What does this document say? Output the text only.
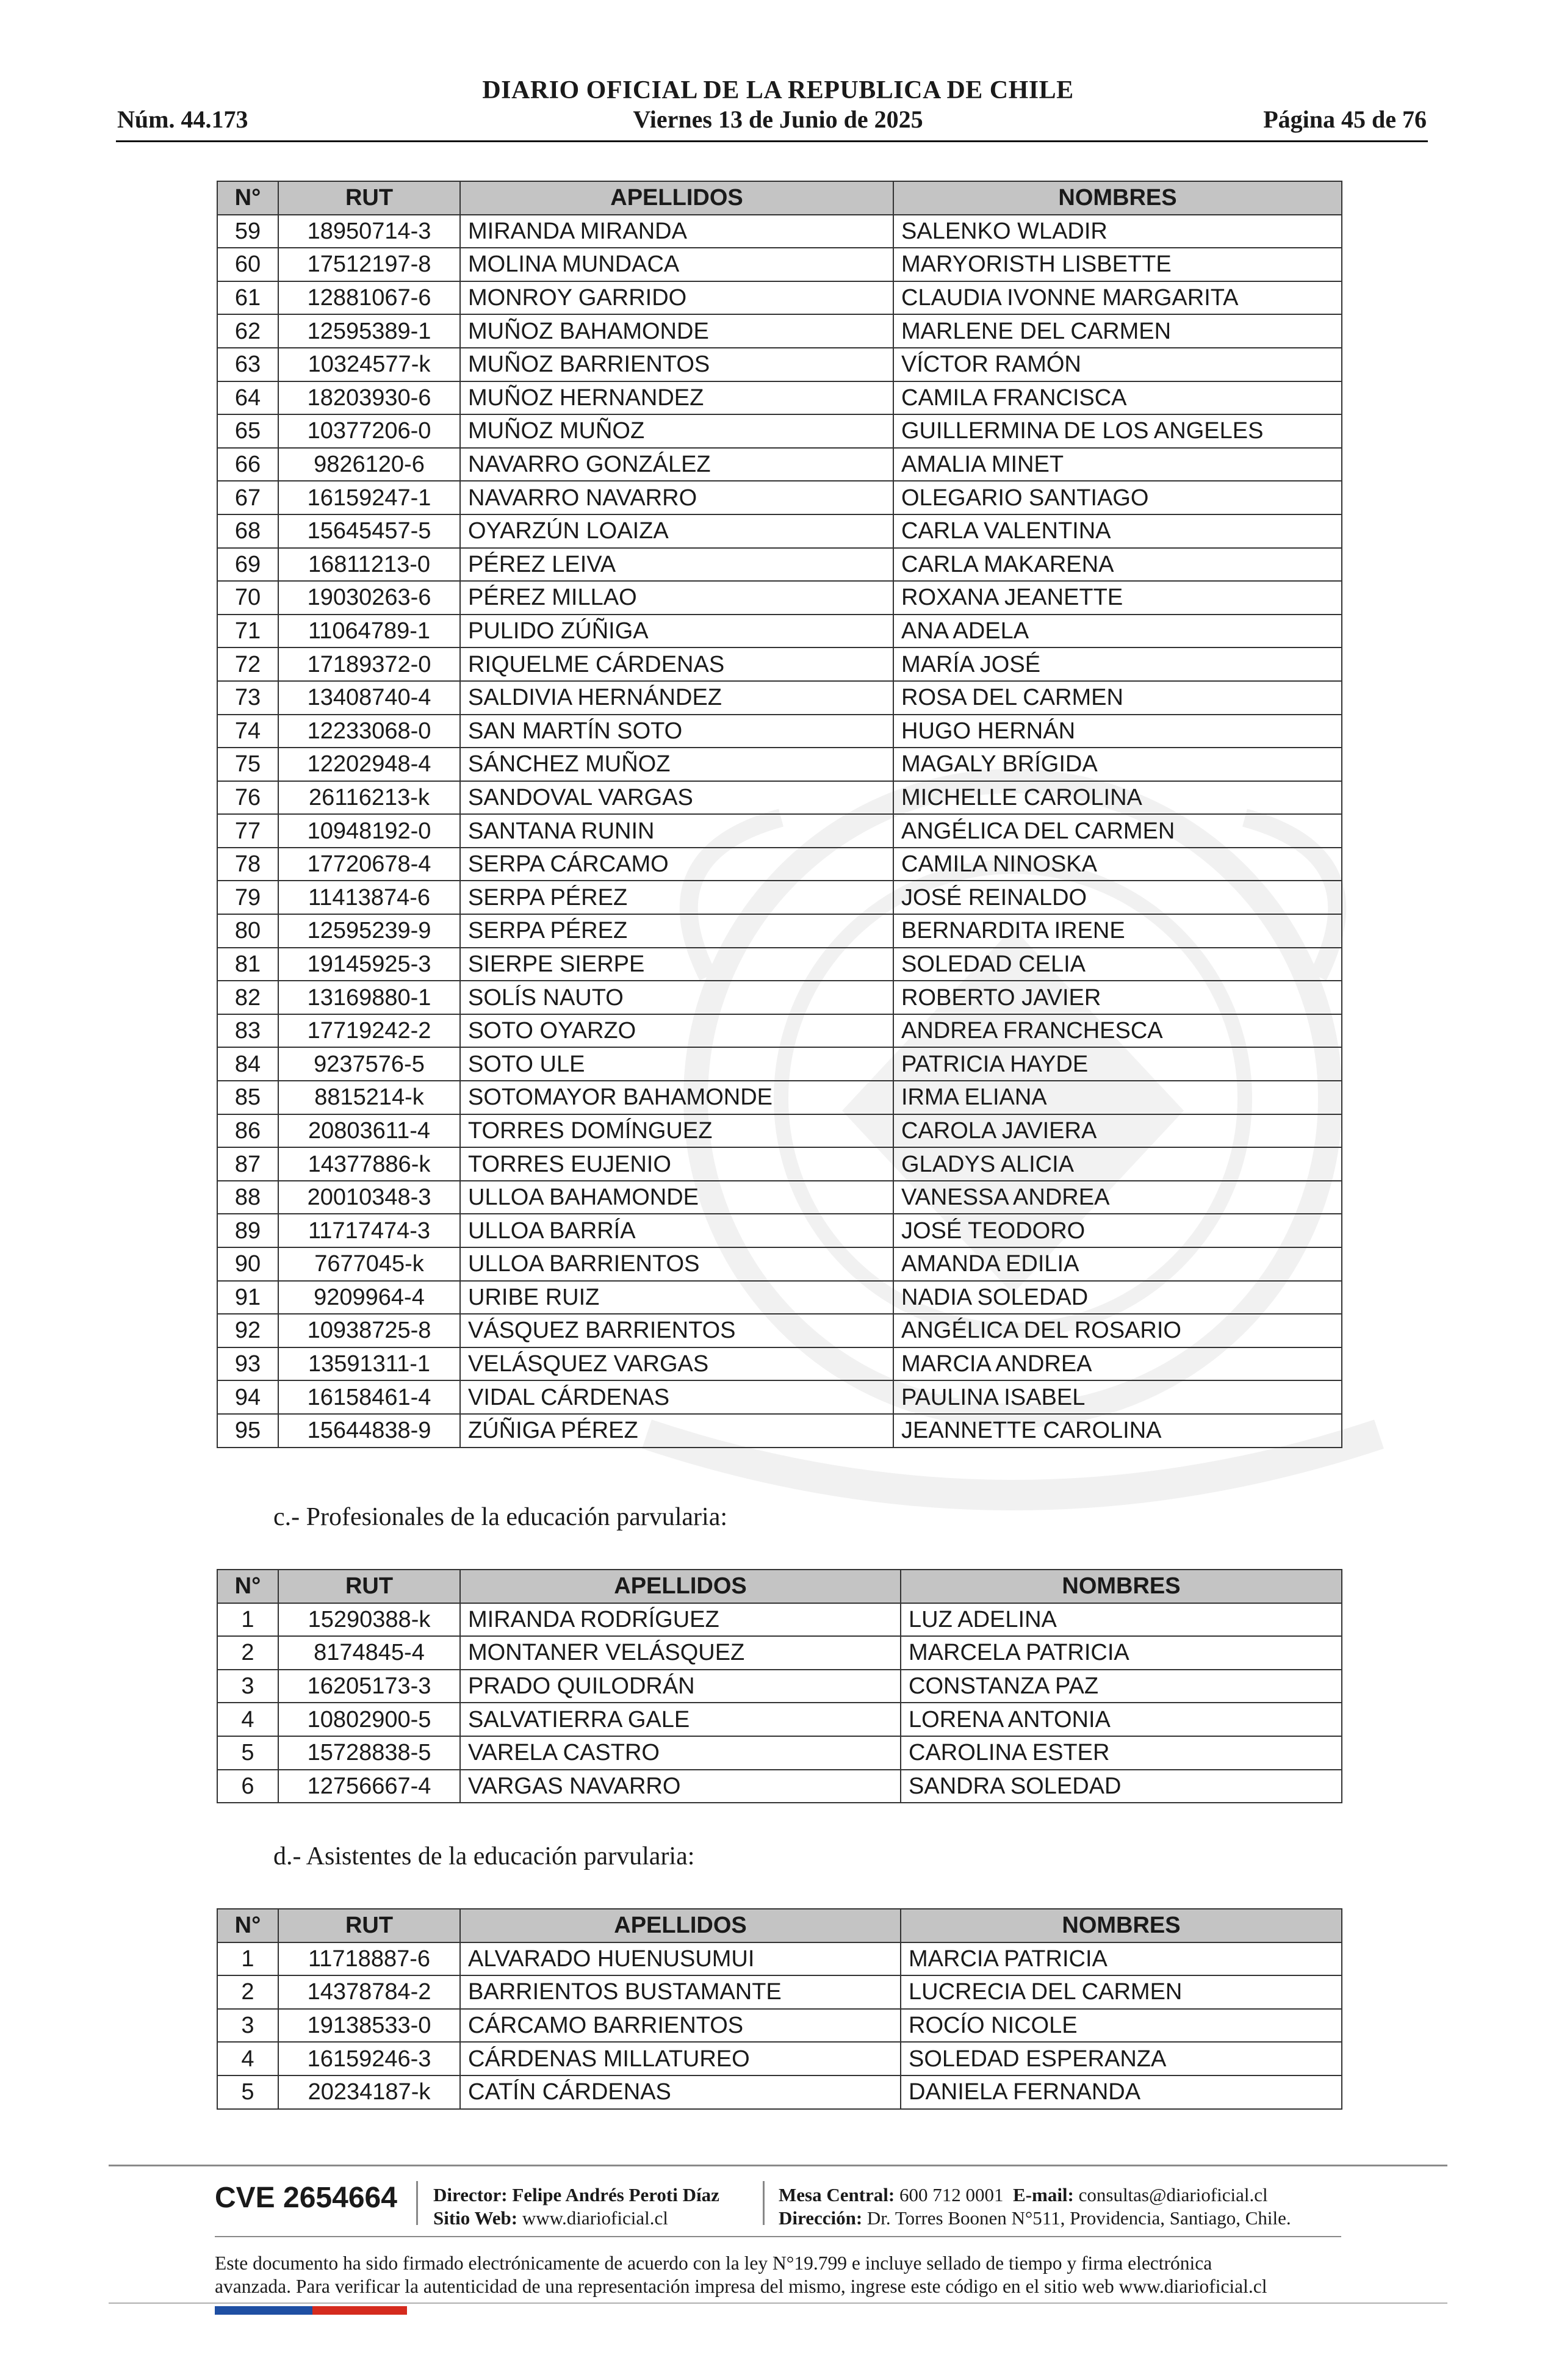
DIARIO OFICIAL DE LA REPUBLICA DE CHILE
Núm. 44.173	Viernes 13 de Junio de 2025	Página 45 de 76
N°	RUT	APELLIDOS	NOMBRES
59	18950714-3	MIRANDA MIRANDA	SALENKO WLADIR
60	17512197-8	MOLINA MUNDACA	MARYORISTH LISBETTE
61	12881067-6	MONROY GARRIDO	CLAUDIA IVONNE MARGARITA
62	12595389-1	MUÑOZ BAHAMONDE	MARLENE DEL CARMEN
63	10324577-k	MUÑOZ BARRIENTOS	VÍCTOR RAMÓN
64	18203930-6	MUÑOZ HERNANDEZ	CAMILA FRANCISCA
65	10377206-0	MUÑOZ MUÑOZ	GUILLERMINA DE LOS ANGELES
66	9826120-6	NAVARRO GONZÁLEZ	AMALIA MINET
67	16159247-1	NAVARRO NAVARRO	OLEGARIO SANTIAGO
68	15645457-5	OYARZÚN LOAIZA	CARLA VALENTINA
69	16811213-0	PÉREZ LEIVA	CARLA MAKARENA
70	19030263-6	PÉREZ MILLAO	ROXANA JEANETTE
71	11064789-1	PULIDO ZÚÑIGA	ANA ADELA
72	17189372-0	RIQUELME CÁRDENAS	MARÍA JOSÉ
73	13408740-4	SALDIVIA HERNÁNDEZ	ROSA DEL CARMEN
74	12233068-0	SAN MARTÍN SOTO	HUGO HERNÁN
75	12202948-4	SÁNCHEZ MUÑOZ	MAGALY BRÍGIDA
76	26116213-k	SANDOVAL VARGAS	MICHELLE CAROLINA
77	10948192-0	SANTANA RUNIN	ANGÉLICA DEL CARMEN
78	17720678-4	SERPA CÁRCAMO	CAMILA NINOSKA
79	11413874-6	SERPA PÉREZ	JOSÉ REINALDO
80	12595239-9	SERPA PÉREZ	BERNARDITA IRENE
81	19145925-3	SIERPE SIERPE	SOLEDAD CELIA
82	13169880-1	SOLÍS NAUTO	ROBERTO JAVIER
83	17719242-2	SOTO OYARZO	ANDREA FRANCHESCA
84	9237576-5	SOTO ULE	PATRICIA HAYDE
85	8815214-k	SOTOMAYOR BAHAMONDE	IRMA ELIANA
86	20803611-4	TORRES DOMÍNGUEZ	CAROLA JAVIERA
87	14377886-k	TORRES EUJENIO	GLADYS ALICIA
88	20010348-3	ULLOA BAHAMONDE	VANESSA ANDREA
89	11717474-3	ULLOA BARRÍA	JOSÉ TEODORO
90	7677045-k	ULLOA BARRIENTOS	AMANDA EDILIA
91	9209964-4	URIBE RUIZ	NADIA SOLEDAD
92	10938725-8	VÁSQUEZ BARRIENTOS	ANGÉLICA DEL ROSARIO
93	13591311-1	VELÁSQUEZ VARGAS	MARCIA ANDREA
94	16158461-4	VIDAL CÁRDENAS	PAULINA ISABEL
95	15644838-9	ZÚÑIGA PÉREZ	JEANNETTE CAROLINA
c.- Profesionales de la educación parvularia:
N°	RUT	APELLIDOS	NOMBRES
1	15290388-k	MIRANDA RODRÍGUEZ	LUZ ADELINA
2	8174845-4	MONTANER VELÁSQUEZ	MARCELA PATRICIA
3	16205173-3	PRADO QUILODRÁN	CONSTANZA PAZ
4	10802900-5	SALVATIERRA GALE	LORENA ANTONIA
5	15728838-5	VARELA CASTRO	CAROLINA ESTER
6	12756667-4	VARGAS NAVARRO	SANDRA SOLEDAD
d.- Asistentes de la educación parvularia:
N°	RUT	APELLIDOS	NOMBRES
1	11718887-6	ALVARADO HUENUSUMUI	MARCIA PATRICIA
2	14378784-2	BARRIENTOS BUSTAMANTE	LUCRECIA DEL CARMEN
3	19138533-0	CÁRCAMO BARRIENTOS	ROCÍO NICOLE
4	16159246-3	CÁRDENAS MILLATUREO	SOLEDAD ESPERANZA
5	20234187-k	CATÍN CÁRDENAS	DANIELA FERNANDA
CVE 2654664 Director: Felipe Andrés Peroti Díaz
Sitio Web: www.diarioficial.cl
Mesa Central: 600 712 0001 E-mail: consultas@diarioficial.cl
Dirección: Dr. Torres Boonen N°511, Providencia, Santiago, Chile.
Este documento ha sido firmado electrónicamente de acuerdo con la ley N°19.799 e incluye sellado de tiempo y firma electrónica
avanzada. Para verificar la autenticidad de una representación impresa del mismo, ingrese este código en el sitio web www.diarioficial.cl
